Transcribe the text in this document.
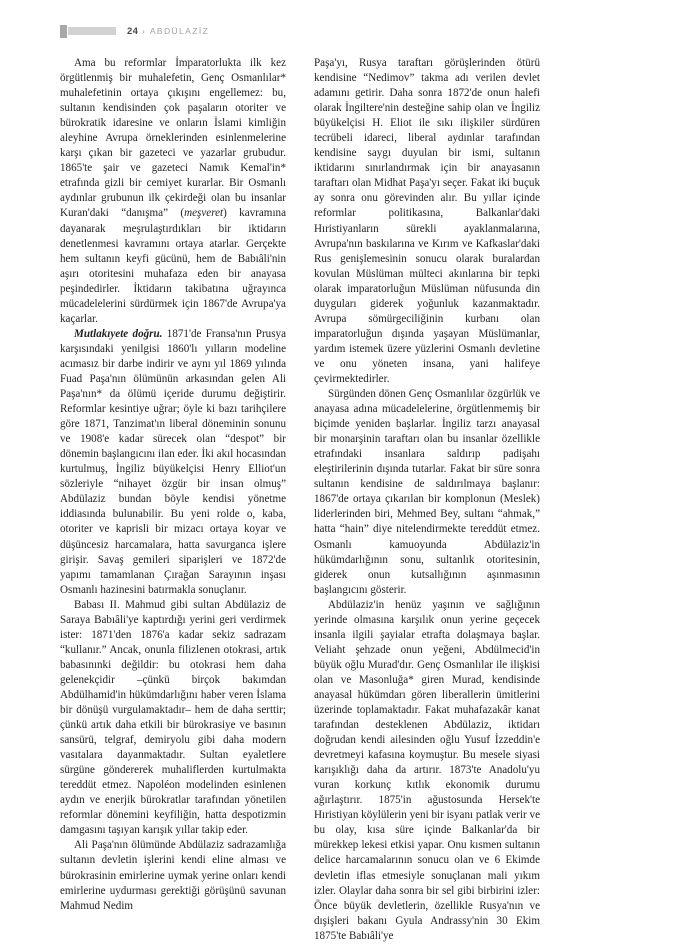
24 › ABDÜLAZİZ

Ama bu reformlar İmparatorlukta ilk kez örgütlenmiş bir muhalefetin, Genç Osmanlılar* muhalefetinin ortaya çıkışını engellemez: bu, sultanın kendisinden çok paşaların otoriter ve bürokratik idaresine ve onların İslami kimliğin aleyhine Avrupa örneklerinden esinlenmelerine karşı çıkan bir gazeteci ve yazarlar grubudur. 1865'te şair ve gazeteci Namık Kemal'in* etrafında gizli bir cemiyet kurarlar. Bir Osmanlı aydınlar grubunun ilk çekirdeği olan bu insanlar Kuran'daki “danışma” (meşveret) kavramına dayanarak meşrulaştırdıkları bir iktidarın denetlenmesi kavramını ortaya atarlar. Gerçekte hem sultanın keyfi gücünü, hem de Babıâli'nin aşırı otoritesini muhafaza eden bir anayasa peşindedirler. İktidarın takibatına uğrayınca mücadelelerini sürdürmek için 1867'de Avrupa'ya kaçarlar.

Mutlakıyete doğru. 1871'de Fransa'nın Prusya karşısındaki yenilgisi 1860'lı yılların modeline acımasız bir darbe indirir ve aynı yıl 1869 yılında Fuad Paşa'nın ölümünün arkasından gelen Ali Paşa'nın* da ölümü içeride durumu değiştirir. Reformlar kesintiye uğrar; öyle ki bazı tarihçilere göre 1871, Tanzimat'ın liberal döneminin sonunu ve 1908'e kadar sürecek olan “despot” bir dönemin başlangıcını ilan eder. İki akıl hocasından kurtulmuş, İngiliz büyükelçisi Henry Elliot'un sözleriyle “nihayet özgür bir insan olmuş” Abdülaziz bundan böyle kendisi yönetme iddiasında bulunabilir. Bu yeni rolde o, kaba, otoriter ve kaprisli bir mizacı ortaya koyar ve düşüncesiz harcamalara, hatta savurganca işlere girişir. Savaş gemileri siparişleri ve 1872'de yapımı tamamlanan Çırağan Sarayının inşası Osmanlı hazinesini batırmakla sonuçlanır.

Babası II. Mahmud gibi sultan Abdülaziz de Saraya Babıâli'ye kaptırdığı yerini geri verdirmek ister: 1871'den 1876'a kadar sekiz sadrazam “kullanır.” Ancak, onunla filizlenen otokrasi, artık babasınınki değildir: bu otokrasi hem daha gelenekçidir –çünkü birçok bakımdan Abdülhamid'in hükümdarlığını haber veren İslama bir dönüşü vurgulamaktadır– hem de daha serttir; çünkü artık daha etkili bir bürokrasiye ve basının sansürü, telgraf, demiryolu gibi daha modern vasıtalara dayanmaktadır. Sultan eyaletlere sürgüne göndererek muhaliflerden kurtulmakta tereddüt etmez. Napoléon modelinden esinlenen aydın ve enerjik bürokratlar tarafından yönetilen reformlar dönemini keyfiliğin, hatta despotizmin damgasını taşıyan karışık yıllar takip eder.

Ali Paşa'nın ölümünde Abdülaziz sadrazamlığa sultanın devletin işlerini kendi eline alması ve bürokrasinin emirlerine uymak yerine onları kendi emirlerine uydurması gerektiği görüşünü savunan Mahmud Nedim

Paşa'yı, Rusya taraftarı görüşlerinden ötürü kendisine “Nedimov” takma adı verilen devlet adamını getirir. Daha sonra 1872'de onun halefi olarak İngiltere'nin desteğine sahip olan ve İngiliz büyükelçisi H. Eliot ile sıkı ilişkiler sürdüren tecrübeli idareci, liberal aydınlar tarafından kendisine saygı duyulan bir ismi, sultanın iktidarını sınırlandırmak için bir anayasanın taraftarı olan Midhat Paşa'yı seçer. Fakat iki buçuk ay sonra onu görevinden alır. Bu yıllar içinde reformlar politikasına, Balkanlar'daki Hıristiyanların sürekli ayaklanmalarına, Avrupa'nın baskılarına ve Kırım ve Kafkaslar'daki Rus genişlemesinin sonucu olarak buralardan kovulan Müslüman mülteci akınlarına bir tepki olarak imparatorluğun Müslüman nüfusunda din duyguları giderek yoğunluk kazanmaktadır. Avrupa sömürgeciliğinin kurbanı olan imparatorluğun dışında yaşayan Müslümanlar, yardım istemek üzere yüzlerini Osmanlı devletine ve onu yöneten insana, yani halifeye çevirmektedirler.

Sürgünden dönen Genç Osmanlılar özgürlük ve anayasa adına mücadelelerine, örgütlenmemiş bir biçimde yeniden başlarlar. İngiliz tarzı anayasal bir monarşinin taraftarı olan bu insanlar özellikle etrafındaki insanlara saldırıp padişahı eleştirilerinin dışında tutarlar. Fakat bir süre sonra sultanın kendisine de saldırılmaya başlanır: 1867'de ortaya çıkarılan bir komplonun (Meslek) liderlerinden biri, Mehmed Bey, sultanı “ahmak,” hatta “hain” diye nitelendirmekte tereddüt etmez. Osmanlı kamuoyunda Abdülaziz'in hükümdarlığının sonu, sultanlık otoritesinin, giderek onun kutsallığının aşınmasının başlangıcını gösterir.

Abdülaziz'in henüz yaşının ve sağlığının yerinde olmasına karşılık onun yerine geçecek insanla ilgili şayialar etrafta dolaşmaya başlar. Veliaht şehzade onun yeğeni, Abdülmecid'in büyük oğlu Murad'dır. Genç Osmanlılar ile ilişkisi olan ve Masonluğa* giren Murad, kendisinde anayasal hükümdarı gören liberallerin ümitlerini üzerinde toplamaktadır. Fakat muhafazakâr kanat tarafından desteklenen Abdülaziz, iktidarı doğrudan kendi ailesinden oğlu Yusuf İzzeddin'e devretmeyi kafasına koymuştur. Bu mesele siyasi karışıklığı daha da artırır. 1873'te Anadolu'yu vuran korkunç kıtlık ekonomik durumu ağırlaştırır. 1875'in ağustosunda Hersek'te Hıristiyan köylülerin yeni bir isyanı patlak verir ve bu olay, kısa süre içinde Balkanlar'da bir mürekkep lekesi etkisi yapar. Onu kısmen sultanın delice harcamalarının sonucu olan ve 6 Ekimde devletin iflas etmesiyle sonuçlanan mali yıkım izler. Olaylar daha sonra bir sel gibi birbirini izler: Önce büyük devletlerin, özellikle Rusya'nın ve dışişleri bakanı Gyula Andrassy'nin 30 Ekim 1875'te Babıâli'ye
